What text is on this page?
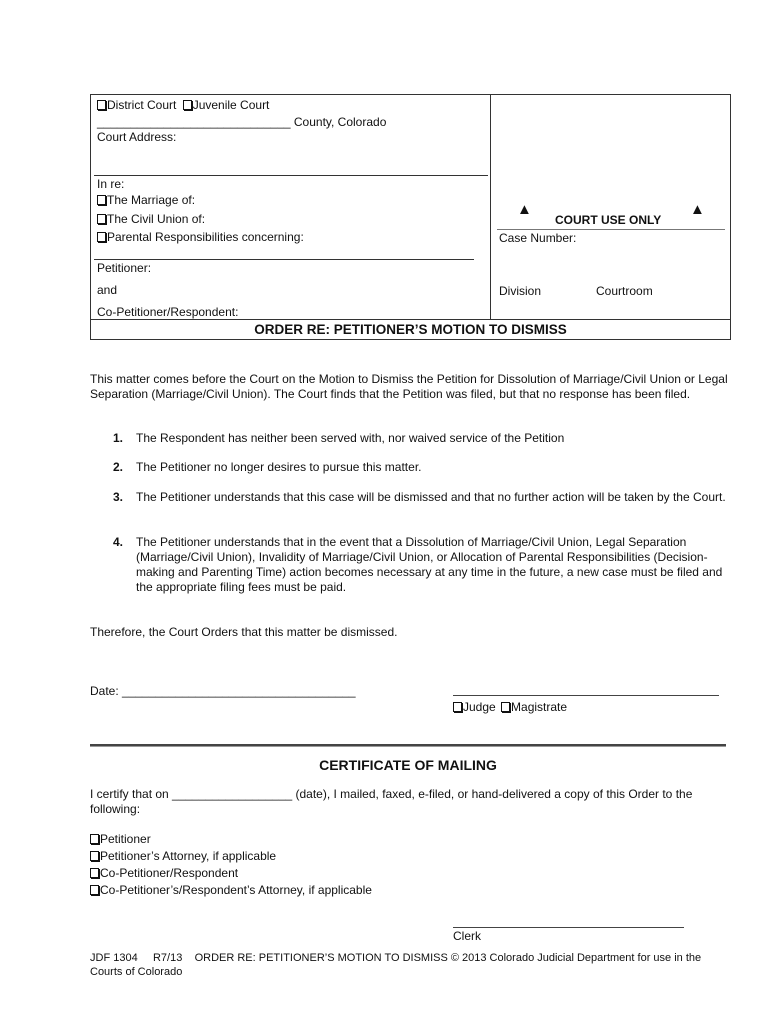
District Court Juvenile Court
_____________________________ County, Colorado
Court Address:
In re:
The Marriage of:
The Civil Union of:
Parental Responsibilities concerning:
Petitioner:
and
Co-Petitioner/Respondent:
▲	▲
COURT USE ONLY
Case Number:
Division	Courtroom
ORDER RE: PETITIONER’S MOTION TO DISMISS
This matter comes before the Court on the Motion to Dismiss the Petition for Dissolution of Marriage/Civil Union or Legal Separation (Marriage/Civil Union). The Court finds that the Petition was filed, but that no response has been filed.
1. The Respondent has neither been served with, nor waived service of the Petition
2. The Petitioner no longer desires to pursue this matter.
3. The Petitioner understands that this case will be dismissed and that no further action will be taken by the Court.
4. The Petitioner understands that in the event that a Dissolution of Marriage/Civil Union, Legal Separation (Marriage/Civil Union), Invalidity of Marriage/Civil Union, or Allocation of Parental Responsibilities (Decision-making and Parenting Time) action becomes necessary at any time in the future, a new case must be filed and the appropriate filing fees must be paid.
Therefore, the Court Orders that this matter be dismissed.
Date: ___________________________________
Judge Magistrate
CERTIFICATE OF MAILING
I certify that on __________________ (date), I mailed, faxed, e-filed, or hand-delivered a copy of this Order to the following:
Petitioner
Petitioner’s Attorney, if applicable
Co-Petitioner/Respondent
Co-Petitioner’s/Respondent’s Attorney, if applicable
Clerk
JDF 1304 R7/13 ORDER RE: PETITIONER’S MOTION TO DISMISS © 2013 Colorado Judicial Department for use in the Courts of Colorado
